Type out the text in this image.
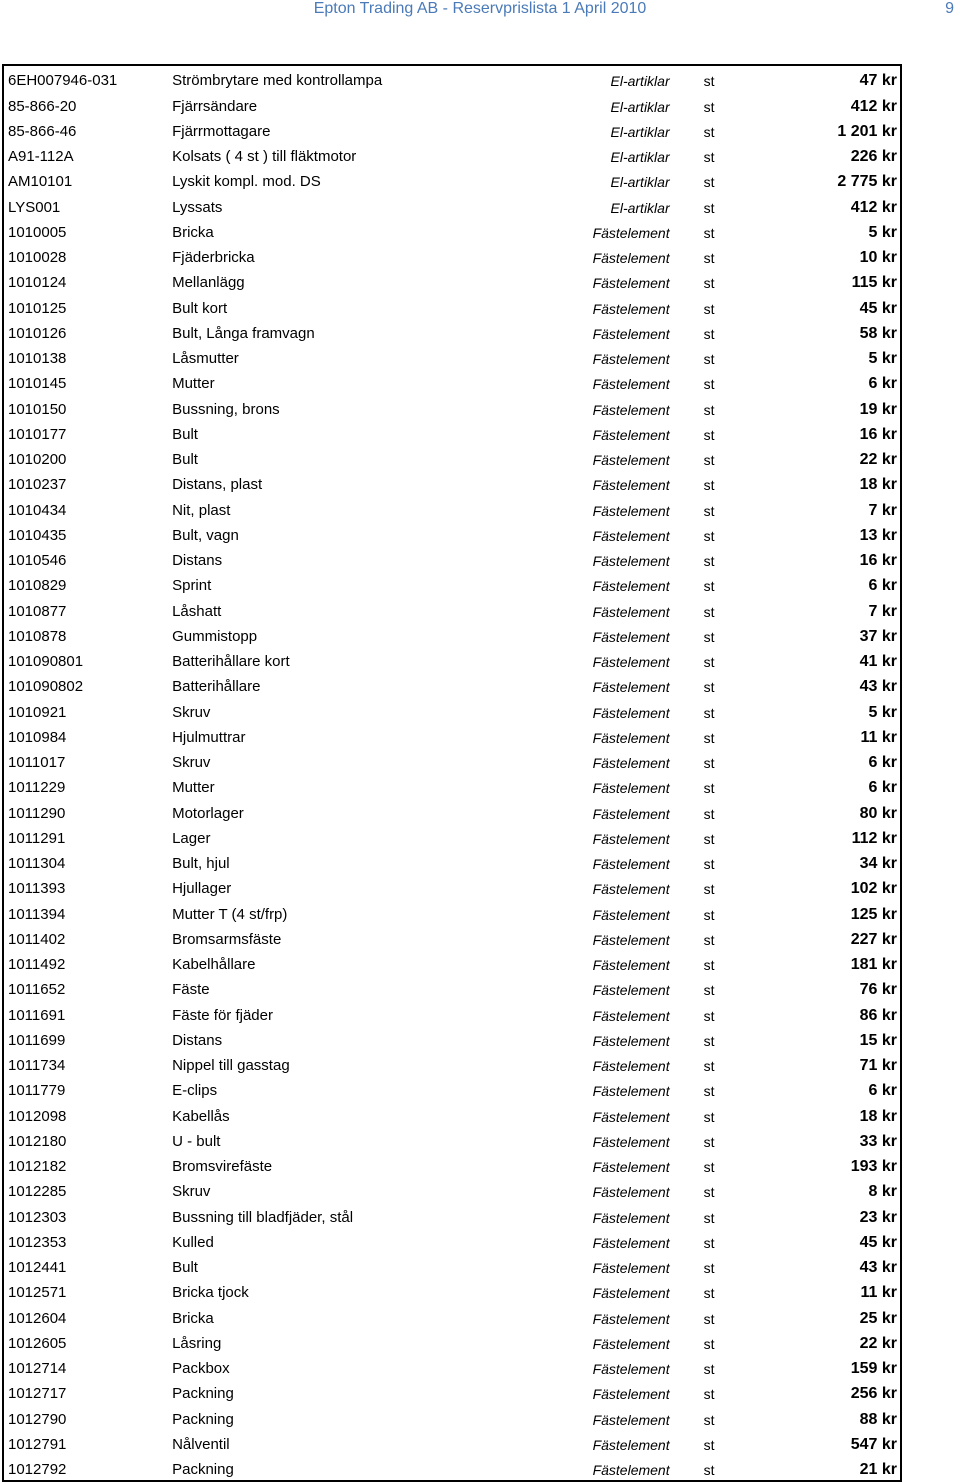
Epton Trading AB - Reservprislista 1 April 2010	9
6EH007946-031	Strömbrytare med kontrollampa	El-artiklar	st	47 kr
85-866-20	Fjärrsändare	El-artiklar	st	412 kr
85-866-46	Fjärrmottagare	El-artiklar	st	1 201 kr
A91-112A	Kolsats ( 4 st ) till fläktmotor	El-artiklar	st	226 kr
AM10101	Lyskit kompl. mod. DS	El-artiklar	st	2 775 kr
LYS001	Lyssats	El-artiklar	st	412 kr
1010005	Bricka	Fästelement	st	5 kr
1010028	Fjäderbricka	Fästelement	st	10 kr
1010124	Mellanlägg	Fästelement	st	115 kr
1010125	Bult kort	Fästelement	st	45 kr
1010126	Bult, Långa framvagn	Fästelement	st	58 kr
1010138	Låsmutter	Fästelement	st	5 kr
1010145	Mutter	Fästelement	st	6 kr
1010150	Bussning, brons	Fästelement	st	19 kr
1010177	Bult	Fästelement	st	16 kr
1010200	Bult	Fästelement	st	22 kr
1010237	Distans, plast	Fästelement	st	18 kr
1010434	Nit, plast	Fästelement	st	7 kr
1010435	Bult, vagn	Fästelement	st	13 kr
1010546	Distans	Fästelement	st	16 kr
1010829	Sprint	Fästelement	st	6 kr
1010877	Låshatt	Fästelement	st	7 kr
1010878	Gummistopp	Fästelement	st	37 kr
101090801	Batterihållare kort	Fästelement	st	41 kr
101090802	Batterihållare	Fästelement	st	43 kr
1010921	Skruv	Fästelement	st	5 kr
1010984	Hjulmuttrar	Fästelement	st	11 kr
1011017	Skruv	Fästelement	st	6 kr
1011229	Mutter	Fästelement	st	6 kr
1011290	Motorlager	Fästelement	st	80 kr
1011291	Lager	Fästelement	st	112 kr
1011304	Bult, hjul	Fästelement	st	34 kr
1011393	Hjullager	Fästelement	st	102 kr
1011394	Mutter T (4 st/frp)	Fästelement	st	125 kr
1011402	Bromsarmsfäste	Fästelement	st	227 kr
1011492	Kabelhållare	Fästelement	st	181 kr
1011652	Fäste	Fästelement	st	76 kr
1011691	Fäste för fjäder	Fästelement	st	86 kr
1011699	Distans	Fästelement	st	15 kr
1011734	Nippel till gasstag	Fästelement	st	71 kr
1011779	E-clips	Fästelement	st	6 kr
1012098	Kabellås	Fästelement	st	18 kr
1012180	U - bult	Fästelement	st	33 kr
1012182	Bromsvirefäste	Fästelement	st	193 kr
1012285	Skruv	Fästelement	st	8 kr
1012303	Bussning till bladfjäder, stål	Fästelement	st	23 kr
1012353	Kulled	Fästelement	st	45 kr
1012441	Bult	Fästelement	st	43 kr
1012571	Bricka tjock	Fästelement	st	11 kr
1012604	Bricka	Fästelement	st	25 kr
1012605	Låsring	Fästelement	st	22 kr
1012714	Packbox	Fästelement	st	159 kr
1012717	Packning	Fästelement	st	256 kr
1012790	Packning	Fästelement	st	88 kr
1012791	Nålventil	Fästelement	st	547 kr
1012792	Packning	Fästelement	st	21 kr
